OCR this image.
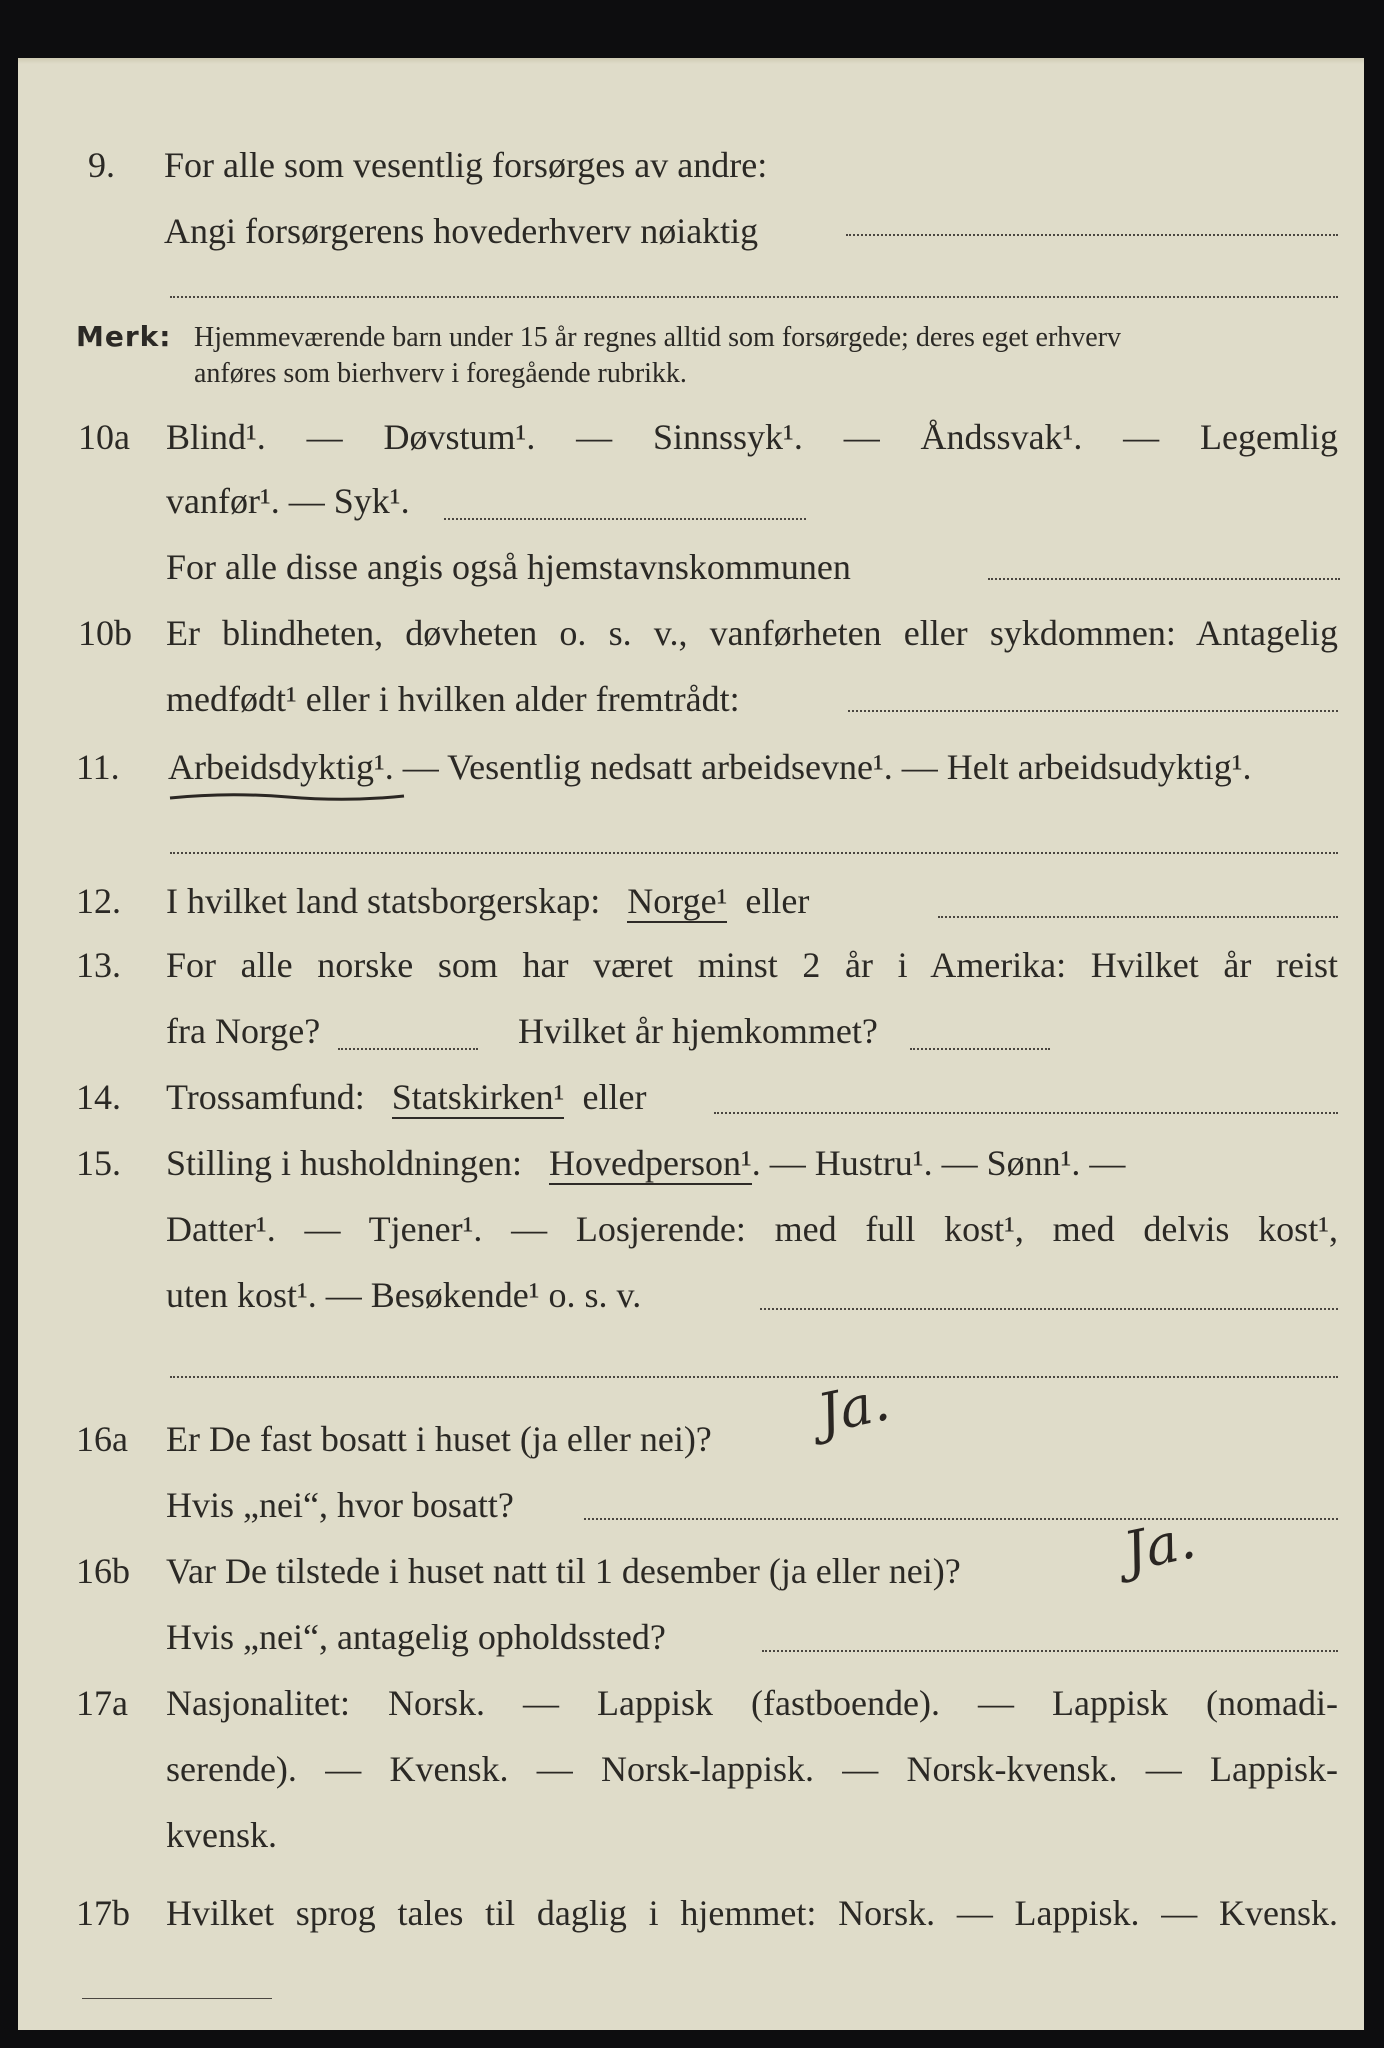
9. For alle som vesentlig forsørges av andre:
Angi forsørgerens hovederhverv nøiaktig
Merk: Hjemmeværende barn under 15 år regnes alltid som forsørgede; deres eget erhverv
anføres som bierhverv i foregående rubrikk.
10a Blind¹. — Døvstum¹. — Sinnssyk¹. — Åndssvak¹. — Legemlig
vanfør¹. — Syk¹.
For alle disse angis også hjemstavnskommunen
10b Er blindheten, døvheten o. s. v., vanførheten eller sykdommen: Antagelig
medfødt¹ eller i hvilken alder fremtrådt:
11. Arbeidsdyktig¹. — Vesentlig nedsatt arbeidsevne¹. — Helt arbeidsudyktig¹.
12. I hvilket land statsborgerskap: Norge¹ eller
13. For alle norske som har været minst 2 år i Amerika: Hvilket år reist
fra Norge?	Hvilket år hjemkommet?
14. Trossamfund: Statskirken¹ eller
15. Stilling i husholdningen: Hovedperson¹. — Hustru¹. — Sønn¹. —
Datter¹. — Tjener¹. — Losjerende: med full kost¹, med delvis kost¹,
uten kost¹. — Besøkende¹ o. s. v.
16a Er De fast bosatt i huset (ja eller nei)? Ja.
Hvis „nei“, hvor bosatt?
16b Var De tilstede i huset natt til 1 desember (ja eller nei)?	Ja.
Hvis „nei“, antagelig opholdssted?
17a Nasjonalitet: Norsk. — Lappisk (fastboende). — Lappisk (nomadi-
serende). — Kvensk. — Norsk-lappisk. — Norsk-kvensk. — Lappisk-
kvensk.
17b Hvilket sprog tales til daglig i hjemmet: Norsk. — Lappisk. — Kvensk.
